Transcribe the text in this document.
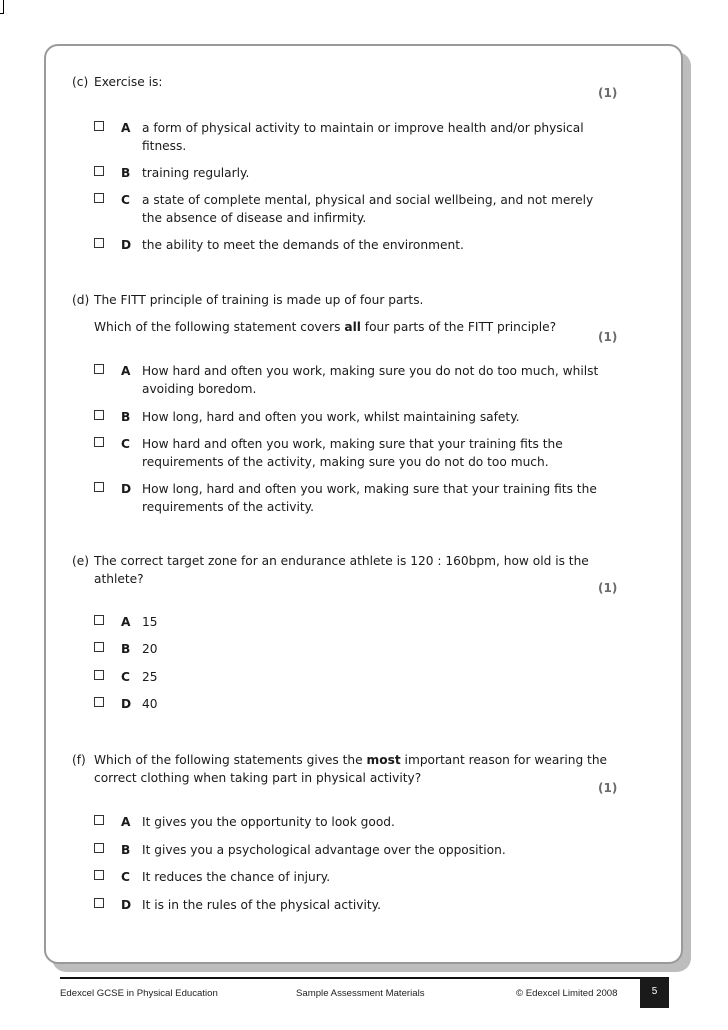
(c) Exercise is:
(1)
A a form of physical activity to maintain or improve health and/or physical fitness.
B training regularly.
C a state of complete mental, physical and social wellbeing, and not merely the absence of disease and infirmity.
D the ability to meet the demands of the environment.
(d) The FITT principle of training is made up of four parts.
Which of the following statement covers all four parts of the FITT principle?
(1)
A How hard and often you work, making sure you do not do too much, whilst avoiding boredom.
B How long, hard and often you work, whilst maintaining safety.
C How hard and often you work, making sure that your training fits the requirements of the activity, making sure you do not do too much.
D How long, hard and often you work, making sure that your training fits the requirements of the activity.
(e) The correct target zone for an endurance athlete is 120 : 160bpm, how old is the athlete?
(1)
A 15
B 20
C 25
D 40
(f) Which of the following statements gives the most important reason for wearing the correct clothing when taking part in physical activity?
(1)
A It gives you the opportunity to look good.
B It gives you a psychological advantage over the opposition.
C It reduces the chance of injury.
D It is in the rules of the physical activity.
Edexcel GCSE in Physical Education	Sample Assessment Materials	© Edexcel Limited 2008	5
